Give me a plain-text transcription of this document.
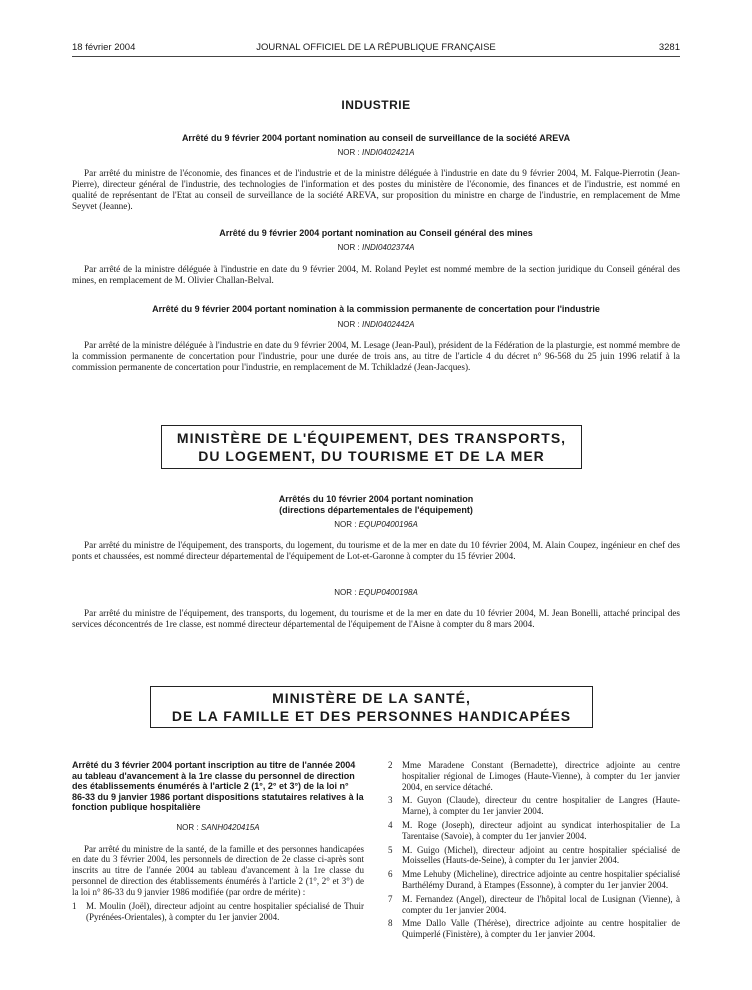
18 février 2004	JOURNAL OFFICIEL DE LA RÉPUBLIQUE FRANÇAISE	3281
INDUSTRIE
Arrêté du 9 février 2004 portant nomination au conseil de surveillance de la société AREVA
NOR : INDI0402421A

Par arrêté du ministre de l'économie, des finances et de l'industrie et de la ministre déléguée à l'industrie en date du 9 février 2004, M. Falque-Pierrotin (Jean-Pierre), directeur général de l'industrie, des technologies de l'information et des postes du ministère de l'économie, des finances et de l'industrie, est nommé en qualité de représentant de l'Etat au conseil de surveillance de la société AREVA, sur proposition du ministre en charge de l'industrie, en remplacement de Mme Seyvet (Jeanne).

Arrêté du 9 février 2004 portant nomination au Conseil général des mines
NOR : INDI0402374A

Par arrêté de la ministre déléguée à l'industrie en date du 9 février 2004, M. Roland Peylet est nommé membre de la section juridique du Conseil général des mines, en remplacement de M. Olivier Challan-Belval.

Arrêté du 9 février 2004 portant nomination à la commission permanente de concertation pour l'industrie
NOR : INDI0402442A

Par arrêté de la ministre déléguée à l'industrie en date du 9 février 2004, M. Lesage (Jean-Paul), président de la Fédération de la plasturgie, est nommé membre de la commission permanente de concertation pour l'industrie, pour une durée de trois ans, au titre de l'article 4 du décret n° 96-568 du 25 juin 1996 relatif à la commission permanente de concertation pour l'industrie, en remplacement de M. Tchikladzé (Jean-Jacques).

MINISTÈRE DE L'ÉQUIPEMENT, DES TRANSPORTS,
DU LOGEMENT, DU TOURISME ET DE LA MER
Arrêtés du 10 février 2004 portant nomination
(directions départementales de l'équipement)
NOR : EQUP0400196A

Par arrêté du ministre de l'équipement, des transports, du logement, du tourisme et de la mer en date du 10 février 2004, M. Alain Coupez, ingénieur en chef des ponts et chaussées, est nommé directeur départemental de l'équipement de Lot-et-Garonne à compter du 15 février 2004.

NOR : EQUP0400198A

Par arrêté du ministre de l'équipement, des transports, du logement, du tourisme et de la mer en date du 10 février 2004, M. Jean Bonelli, attaché principal des services déconcentrés de 1re classe, est nommé directeur départemental de l'équipement de l'Aisne à compter du 8 mars 2004.

MINISTÈRE DE LA SANTÉ,
DE LA FAMILLE ET DES PERSONNES HANDICAPÉES

Arrêté du 3 février 2004 portant inscription au titre de l'année 2004 au tableau d'avancement à la 1re classe du personnel de direction des établissements énumérés à l'article 2 (1°, 2° et 3°) de la loi n° 86-33 du 9 janvier 1986 portant dispositions statutaires relatives à la fonction publique hospitalière

NOR : SANH0420415A

Par arrêté du ministre de la santé, de la famille et des personnes handicapées en date du 3 février 2004, les personnels de direction de 2e classe ci-après sont inscrits au titre de l'année 2004 au tableau d'avancement à la 1re classe du personnel de direction des établissements énumérés à l'article 2 (1°, 2° et 3°) de la loi n° 86-33 du 9 janvier 1986 modifiée (par ordre de mérite) :

1 M. Moulin (Joël), directeur adjoint au centre hospitalier spécialisé de Thuir (Pyrénées-Orientales), à compter du 1er janvier 2004.
2 Mme Maradene Constant (Bernadette), directrice adjointe au centre hospitalier régional de Limoges (Haute-Vienne), à compter du 1er janvier 2004, en service détaché.
3 M. Guyon (Claude), directeur du centre hospitalier de Langres (Haute-Marne), à compter du 1er janvier 2004.
4 M. Roge (Joseph), directeur adjoint au syndicat interhospitalier de La Tarentaise (Savoie), à compter du 1er janvier 2004.
5 M. Guigo (Michel), directeur adjoint au centre hospitalier spécialisé de Moisselles (Hauts-de-Seine), à compter du 1er janvier 2004.
6 Mme Lehuby (Micheline), directrice adjointe au centre hospitalier spécialisé Barthélémy Durand, à Etampes (Essonne), à compter du 1er janvier 2004.
7 M. Fernandez (Angel), directeur de l'hôpital local de Lusignan (Vienne), à compter du 1er janvier 2004.
8 Mme Dallo Valle (Thérèse), directrice adjointe au centre hospitalier de Quimperlé (Finistère), à compter du 1er janvier 2004.
